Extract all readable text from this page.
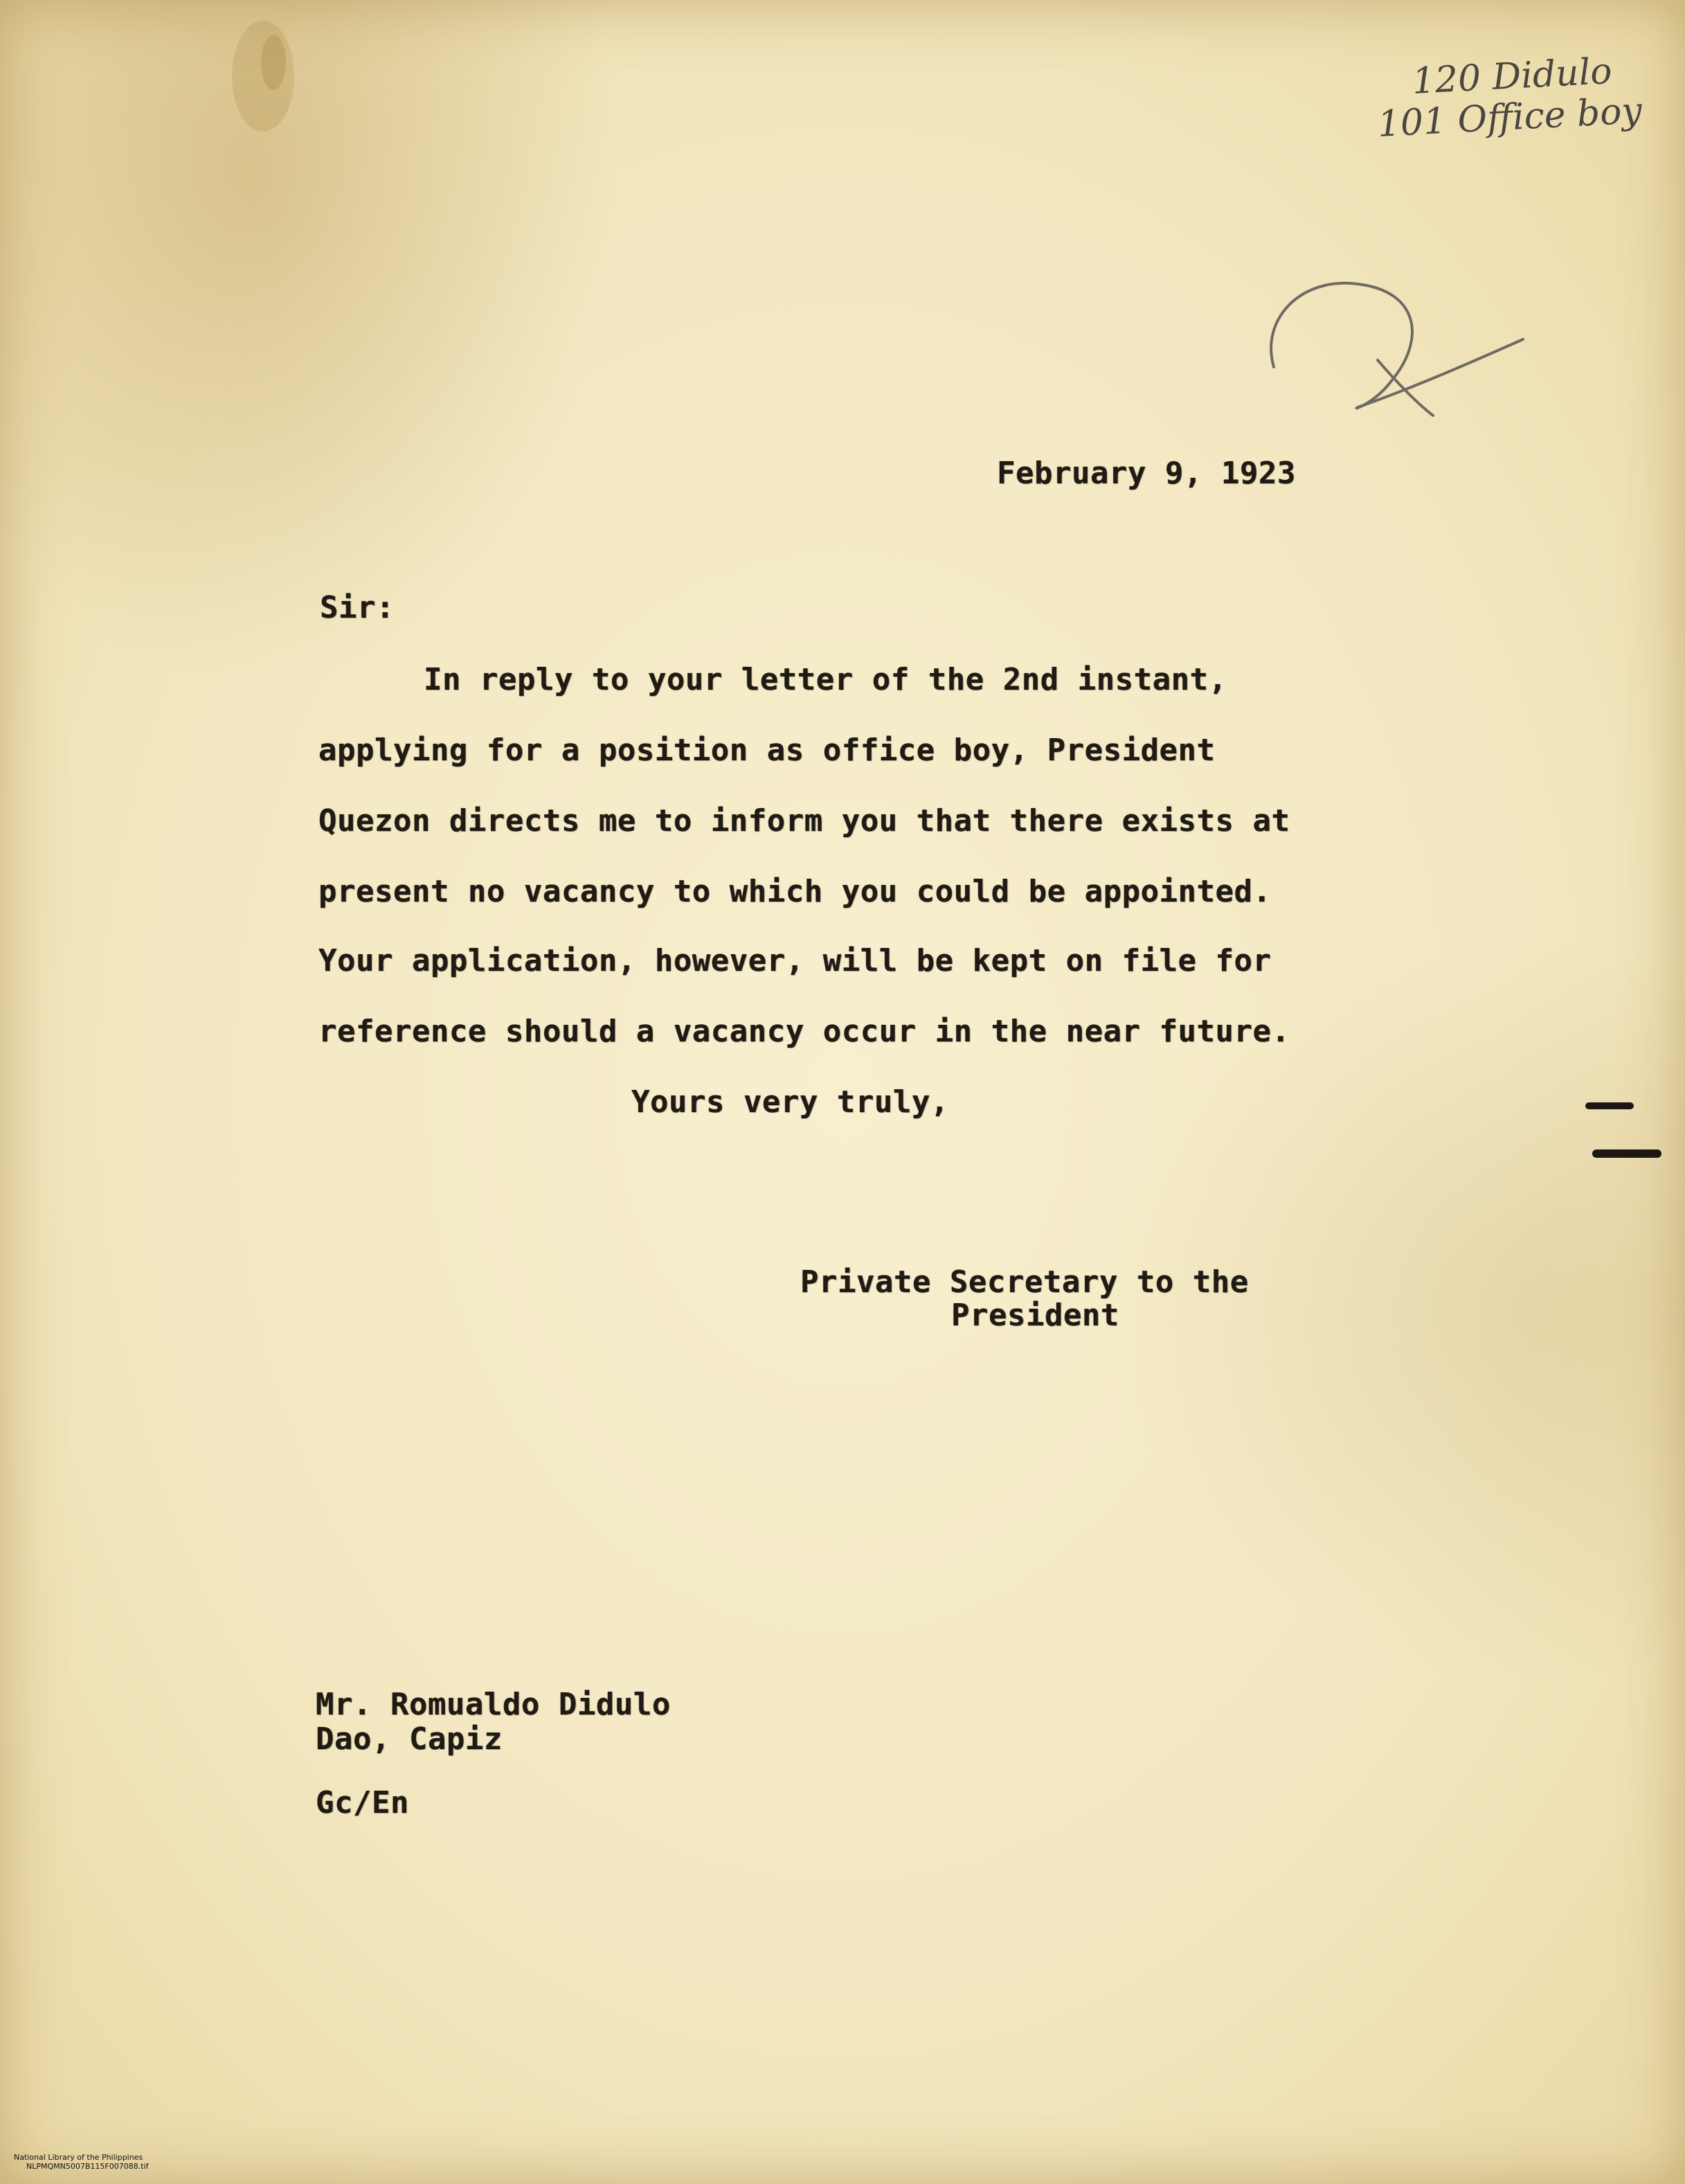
120 Didulo
101 Office boy
February 9, 1923
Sir:
In reply to your letter of the 2nd instant,
applying for a position as office boy, President
Quezon directs me to inform you that there exists at
present no vacancy to which you could be appointed.
Your application, however, will be kept on file for
reference should a vacancy occur in the near future.
Yours very truly,
Private Secretary to the
President
Mr. Romualdo Didulo
Dao, Capiz
Gc/En

National Library of the Philippines
NLPMQMN5007B115F007088.tif
